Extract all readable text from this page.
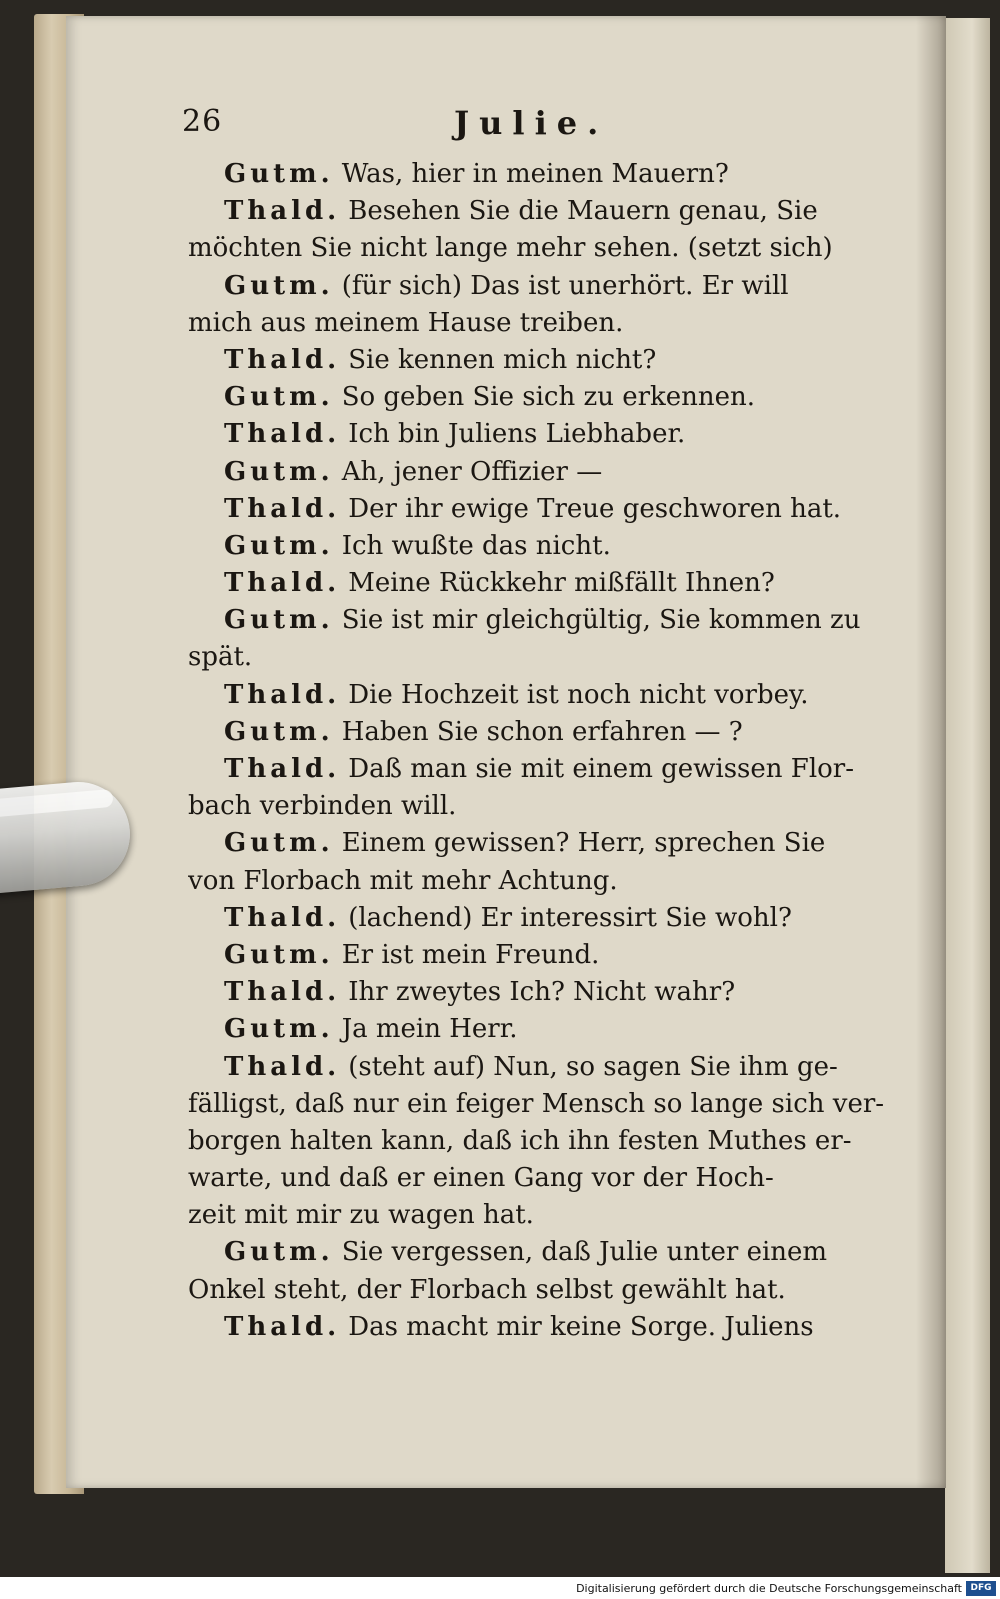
26	Julie.
Gutm. Was, hier in meinen Mauern?
Thald. Besehen Sie die Mauern genau, Sie
möchten Sie nicht lange mehr sehen. (setzt sich)
Gutm. (für sich) Das ist unerhört. Er will
mich aus meinem Hause treiben.
Thald. Sie kennen mich nicht?
Gutm. So geben Sie sich zu erkennen.
Thald. Ich bin Juliens Liebhaber.
Gutm. Ah, jener Offizier —
Thald. Der ihr ewige Treue geschworen hat.
Gutm. Ich wußte das nicht.
Thald. Meine Rückkehr mißfällt Ihnen?
Gutm. Sie ist mir gleichgültig, Sie kommen zu
spät.
Thald. Die Hochzeit ist noch nicht vorbey.
Gutm. Haben Sie schon erfahren — ?
Thald. Daß man sie mit einem gewissen Flor-
bach verbinden will.
Gutm. Einem gewissen? Herr, sprechen Sie
von Florbach mit mehr Achtung.
Thald. (lachend) Er interessirt Sie wohl?
Gutm. Er ist mein Freund.
Thald. Ihr zweytes Ich? Nicht wahr?
Gutm. Ja mein Herr.
Thald. (steht auf) Nun, so sagen Sie ihm ge-
fälligst, daß nur ein feiger Mensch so lange sich ver-
borgen halten kann, daß ich ihn festen Muthes er-
warte, und daß er einen Gang vor der Hoch-
zeit mit mir zu wagen hat.
Gutm. Sie vergessen, daß Julie unter einem
Onkel steht, der Florbach selbst gewählt hat.
Thald. Das macht mir keine Sorge. Juliens
Digitalisierung gefördert durch die Deutsche Forschungsgemeinschaft DFG
